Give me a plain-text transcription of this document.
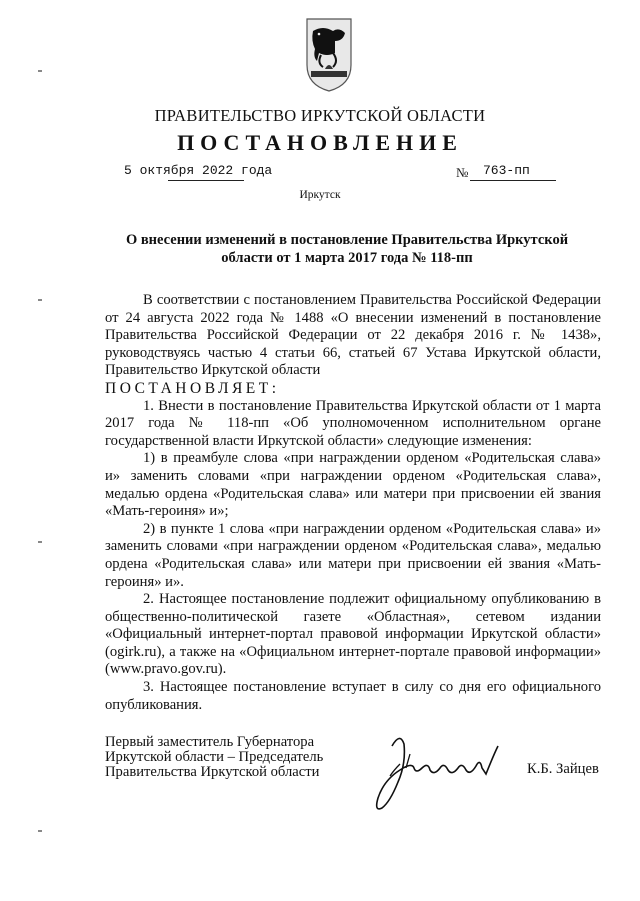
ПРАВИТЕЛЬСТВО ИРКУТСКОЙ ОБЛАСТИ
ПОСТАНОВЛЕНИЕ
5 октября 2022 года	№ 763-пп
Иркутск
О внесении изменений в постановление Правительства Иркутской области от 1 марта 2017 года № 118-пп

В соответствии с постановлением Правительства Российской Федерации от 24 августа 2022 года № 1488 «О внесении изменений в постановление Правительства Российской Федерации от 22 декабря 2016 г. № 1438», руководствуясь частью 4 статьи 66, статьей 67 Устава Иркутской области, Правительство Иркутской области

ПОСТАНОВЛЯЕТ:

1. Внести в постановление Правительства Иркутской области от 1 марта 2017 года № 118-пп «Об уполномоченном исполнительном органе государственной власти Иркутской области» следующие изменения:

1) в преамбуле слова «при награждении орденом «Родительская слава» и» заменить словами «при награждении орденом «Родительская слава», медалью ордена «Родительская слава» или матери при присвоении ей звания «Мать-героиня» и»;

2) в пункте 1 слова «при награждении орденом «Родительская слава» и» заменить словами «при награждении орденом «Родительская слава», медалью ордена «Родительская слава» или матери при присвоении ей звания «Мать-героиня» и».

2. Настоящее постановление подлежит официальному опубликованию в общественно-политической газете «Областная», сетевом издании «Официальный интернет-портал правовой информации Иркутской области» (ogirk.ru), а также на «Официальном интернет-портале правовой информации» (www.pravo.gov.ru).

3. Настоящее постановление вступает в силу со дня его официального опубликования.

Первый заместитель Губернатора
Иркутской области – Председатель
Правительства Иркутской области	К.Б. Зайцев
